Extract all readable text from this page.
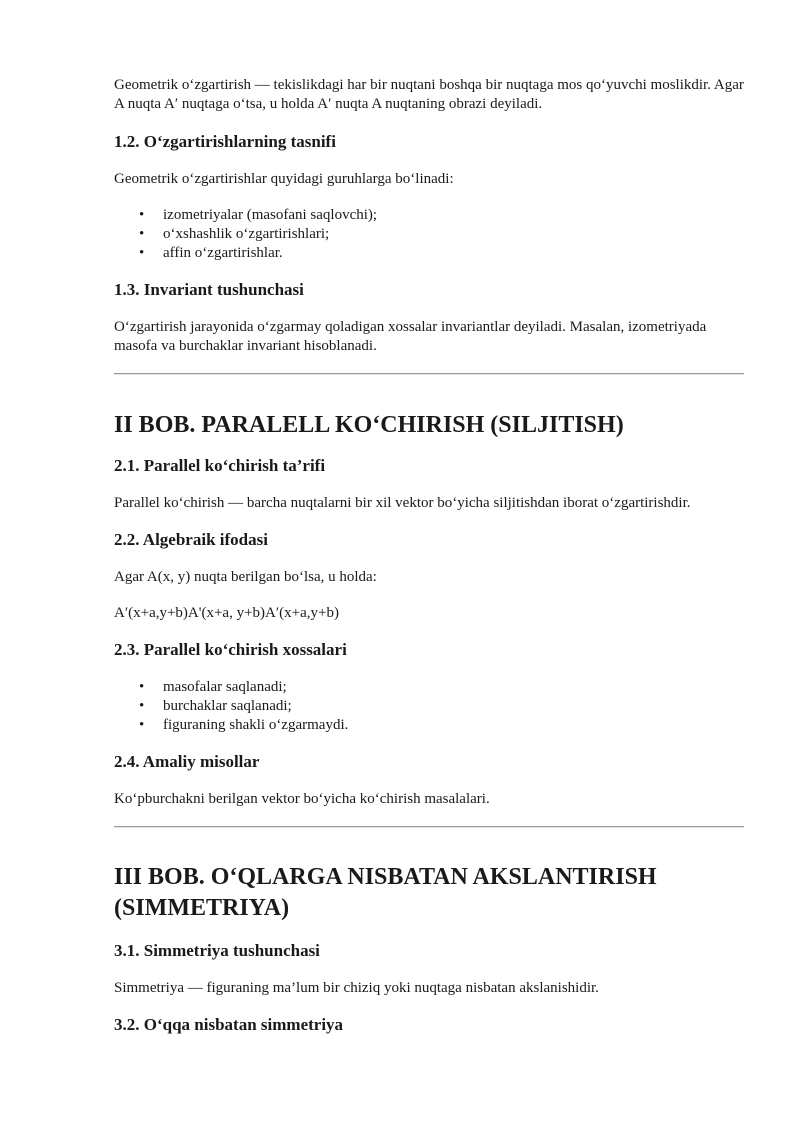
Geometrik o‘zgartirish — tekislikdagi har bir nuqtani boshqa bir nuqtaga mos qo‘yuvchi moslikdir. Agar A nuqta A′ nuqtaga o‘tsa, u holda A′ nuqta A nuqtaning obrazi deyiladi.

1.2. O‘zgartirishlarning tasnifi

Geometrik o‘zgartirishlar quyidagi guruhlarga bo‘linadi:

• izometriyalar (masofani saqlovchi);
• o‘xshashlik o‘zgartirishlari;
• affin o‘zgartirishlar.
1.3. Invariant tushunchasi

O‘zgartirish jarayonida o‘zgarmay qoladigan xossalar invariantlar deyiladi. Masalan, izometriyada masofa va burchaklar invariant hisoblanadi.

II BOB. PARALELL KO‘CHIRISH (SILJITISH)
2.1. Parallel ko‘chirish ta’rifi

Parallel ko‘chirish — barcha nuqtalarni bir xil vektor bo‘yicha siljitishdan iborat o‘zgartirishdir.

2.2. Algebraik ifodasi

Agar A(x, y) nuqta berilgan bo‘lsa, u holda:

A′(x+a,y+b)A'(x+a, y+b)A′(x+a,y+b)

2.3. Parallel ko‘chirish xossalari
• masofalar saqlanadi;
• burchaklar saqlanadi;
• figuraning shakli o‘zgarmaydi.
2.4. Amaliy misollar

Ko‘pburchakni berilgan vektor bo‘yicha ko‘chirish masalalari.

III BOB. O‘QLARGA NISBATAN AKSLANTIRISH (SIMMETRIYA)
3.1. Simmetriya tushunchasi

Simmetriya — figuraning ma’lum bir chiziq yoki nuqtaga nisbatan akslanishidir.

3.2. O‘qqa nisbatan simmetriya
